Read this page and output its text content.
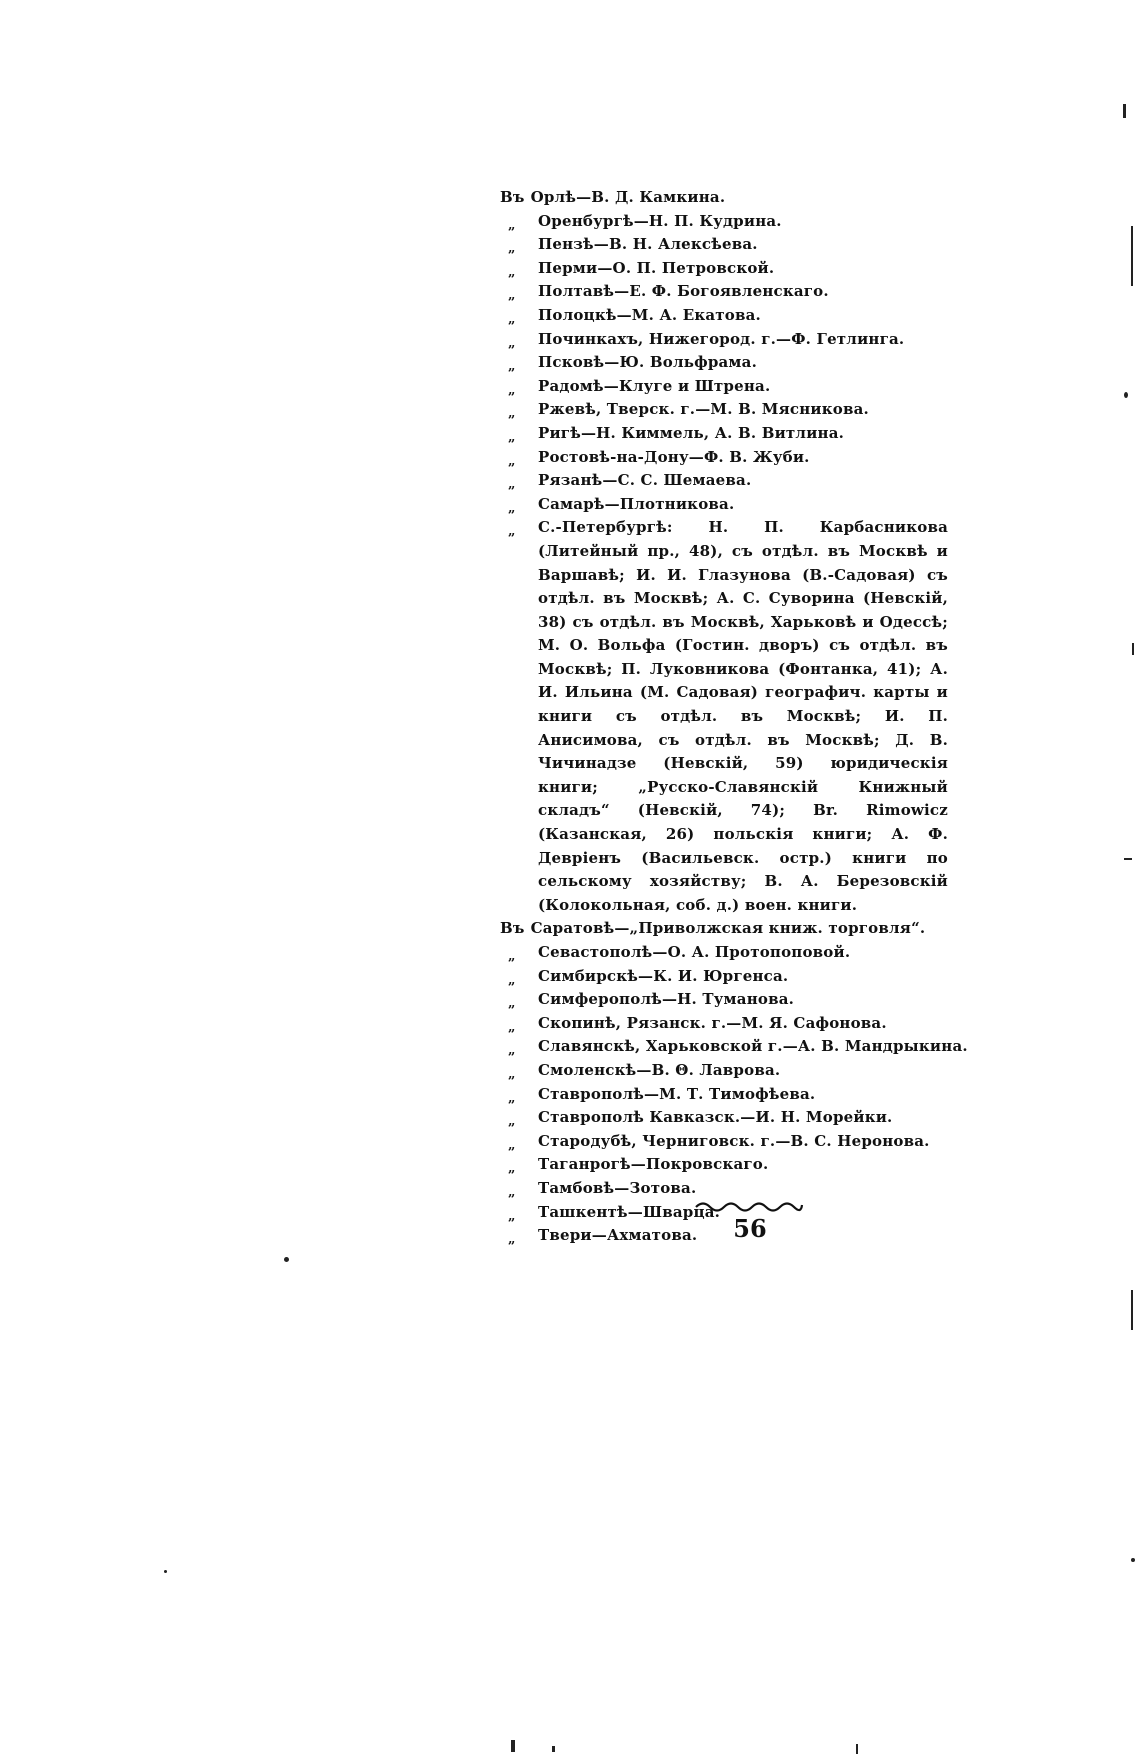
Въ Орлѣ—В. Д. Камкина.
„	Оренбургѣ—Н. П. Кудрина.
„	Пензѣ—В. Н. Алексѣева.
„	Перми—О. П. Петровской.
„	Полтавѣ—Е. Ф. Богоявленскаго.
„	Полоцкѣ—М. А. Екатова.
„	Починкахъ, Нижегород. г.—Ф. Гетлинга.
„	Псковѣ—Ю. Вольфрама.
„	Радомѣ—Клуге и Штрена.
„	Ржевѣ, Тверск. г.—М. В. Мясникова.
„	Ригѣ—Н. Киммель, А. В. Витлина.
„	Ростовѣ-на-Дону—Ф. В. Жуби.
„	Рязанѣ—С. С. Шемаева.
„	Самарѣ—Плотникова.
„	С.-Петербургѣ: Н. П. Карбасникова (Литейный пр., 48), съ отдѣл. въ Москвѣ и Варшавѣ; И. И. Глазунова (В.-Садовая) съ отдѣл. въ Москвѣ; А. С. Суворина (Невскій, 38) съ отдѣл. въ Москвѣ, Харьковѣ и Одессѣ; М. О. Вольфа (Гостин. дворъ) съ отдѣл. въ Москвѣ; П. Луковникова (Фонтанка, 41); А. И. Ильина (М. Садовая) географич. карты и книги съ отдѣл. въ Москвѣ; И. П. Анисимова, съ отдѣл. въ Москвѣ; Д. В. Чичинадзе (Невскій, 59) юридическія книги; „Русско-Славянскій Книжный складъ“ (Невскій, 74); Br. Rimowicz (Казанская, 26) польскія книги; А. Ф. Девріенъ (Васильевск. остр.) книги по сельскому хозяйству; В. А. Березовскій (Колокольная, соб. д.) воен. книги.
Въ Саратовѣ—„Приволжская книж. торговля“.
„	Севастополѣ—О. А. Протопоповой.
„	Симбирскѣ—К. И. Юргенса.
„	Симферополѣ—Н. Туманова.
„	Скопинѣ, Рязанск. г.—М. Я. Сафонова.
„	Славянскѣ, Харьковской г.—А. В. Мандрыкина.
„	Смоленскѣ—В. Θ. Лаврова.
„	Ставрополѣ—М. Т. Тимофѣева.
„	Ставрополѣ Кавказск.—И. Н. Морейки.
„	Стародубѣ, Черниговск. г.—В. С. Неронова.
„	Таганрогѣ—Покровскаго.
„	Тамбовѣ—Зотова.
„	Ташкентѣ—Шварца.
„	Твери—Ахматова.	56
